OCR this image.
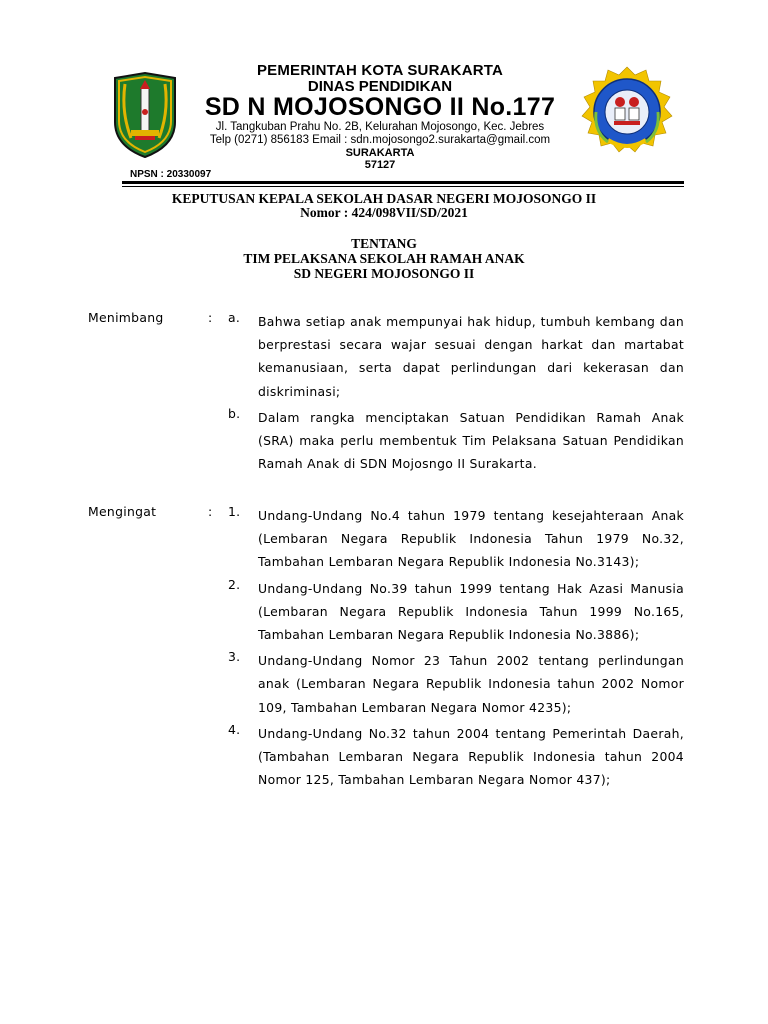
PEMERINTAH KOTA SURAKARTA
DINAS PENDIDIKAN
SD N MOJOSONGO II No.177
Jl. Tangkuban Prahu No. 2B, Kelurahan Mojosongo, Kec. Jebres
Telp (0271) 856183 Email : sdn.mojosongo2.surakarta@gmail.com
SURAKARTA
57127
NPSN : 20330097
KEPUTUSAN KEPALA SEKOLAH DASAR NEGERI MOJOSONGO II
Nomor : 424/098VII/SD/2021
TENTANG
TIM PELAKSANA SEKOLAH RAMAH ANAK
SD NEGERI MOJOSONGO II
Menimbang	: a. Bahwa setiap anak mempunyai hak hidup, tumbuh kembang dan berprestasi secara wajar sesuai dengan harkat dan martabat kemanusiaan, serta dapat perlindungan dari kekerasan dan diskriminasi;
b. Dalam rangka menciptakan Satuan Pendidikan Ramah Anak (SRA) maka perlu membentuk Tim Pelaksana Satuan Pendidikan Ramah Anak di SDN Mojosngo II Surakarta.
Mengingat	: 1. Undang-Undang No.4 tahun 1979 tentang kesejahteraan Anak (Lembaran Negara Republik Indonesia Tahun 1979 No.32, Tambahan Lembaran Negara Republik Indonesia No.3143);
2. Undang-Undang No.39 tahun 1999 tentang Hak Azasi Manusia (Lembaran Negara Republik Indonesia Tahun 1999 No.165, Tambahan Lembaran Negara Republik Indonesia No.3886);
3. Undang-Undang Nomor 23 Tahun 2002 tentang perlindungan anak (Lembaran Negara Republik Indonesia tahun 2002 Nomor 109, Tambahan Lembaran Negara Nomor 4235);
4. Undang-Undang No.32 tahun 2004 tentang Pemerintah Daerah, (Tambahan Lembaran Negara Republik Indonesia tahun 2004 Nomor 125, Tambahan Lembaran Negara Nomor 437);
